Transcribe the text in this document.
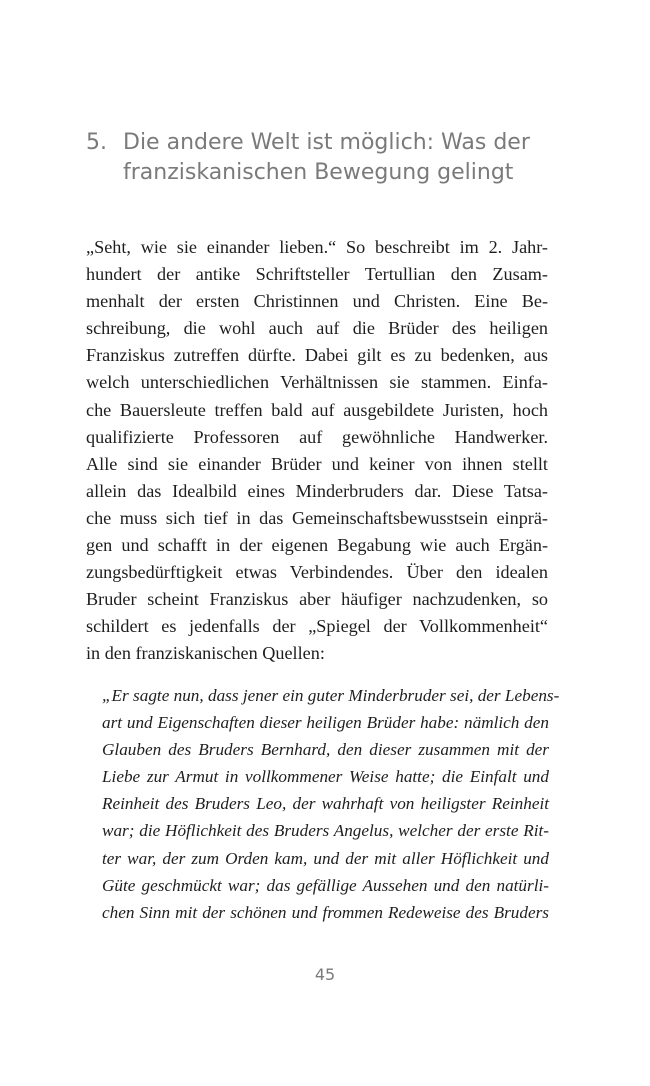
5. Die andere Welt ist möglich: Was der
franziskanischen Bewegung gelingt
„Seht, wie sie einander lieben.“ So beschreibt im 2. Jahr-
hundert der antike Schriftsteller Tertullian den Zusam-
menhalt der ersten Christinnen und Christen. Eine Be-
schreibung, die wohl auch auf die Brüder des heiligen
Franziskus zutreffen dürfte. Dabei gilt es zu bedenken, aus
welch unterschiedlichen Verhältnissen sie stammen. Einfa-
che Bauersleute treffen bald auf ausgebildete Juristen, hoch
qualifizierte Professoren auf gewöhnliche Handwerker.
Alle sind sie einander Brüder und keiner von ihnen stellt
allein das Idealbild eines Minderbruders dar. Diese Tatsa-
che muss sich tief in das Gemeinschaftsbewusstsein einprä-
gen und schafft in der eigenen Begabung wie auch Ergän-
zungsbedürftigkeit etwas Verbindendes. Über den idealen
Bruder scheint Franziskus aber häufiger nachzudenken, so
schildert es jedenfalls der „Spiegel der Vollkommenheit“
in den franziskanischen Quellen:
„Er sagte nun, dass jener ein guter Minderbruder sei, der Lebens-
art und Eigenschaften dieser heiligen Brüder habe: nämlich den
Glauben des Bruders Bernhard, den dieser zusammen mit der
Liebe zur Armut in vollkommener Weise hatte; die Einfalt und
Reinheit des Bruders Leo, der wahrhaft von heiligster Reinheit
war; die Höflichkeit des Bruders Angelus, welcher der erste Rit-
ter war, der zum Orden kam, und der mit aller Höflichkeit und
Güte geschmückt war; das gefällige Aussehen und den natürli-
chen Sinn mit der schönen und frommen Redeweise des Bruders
45
